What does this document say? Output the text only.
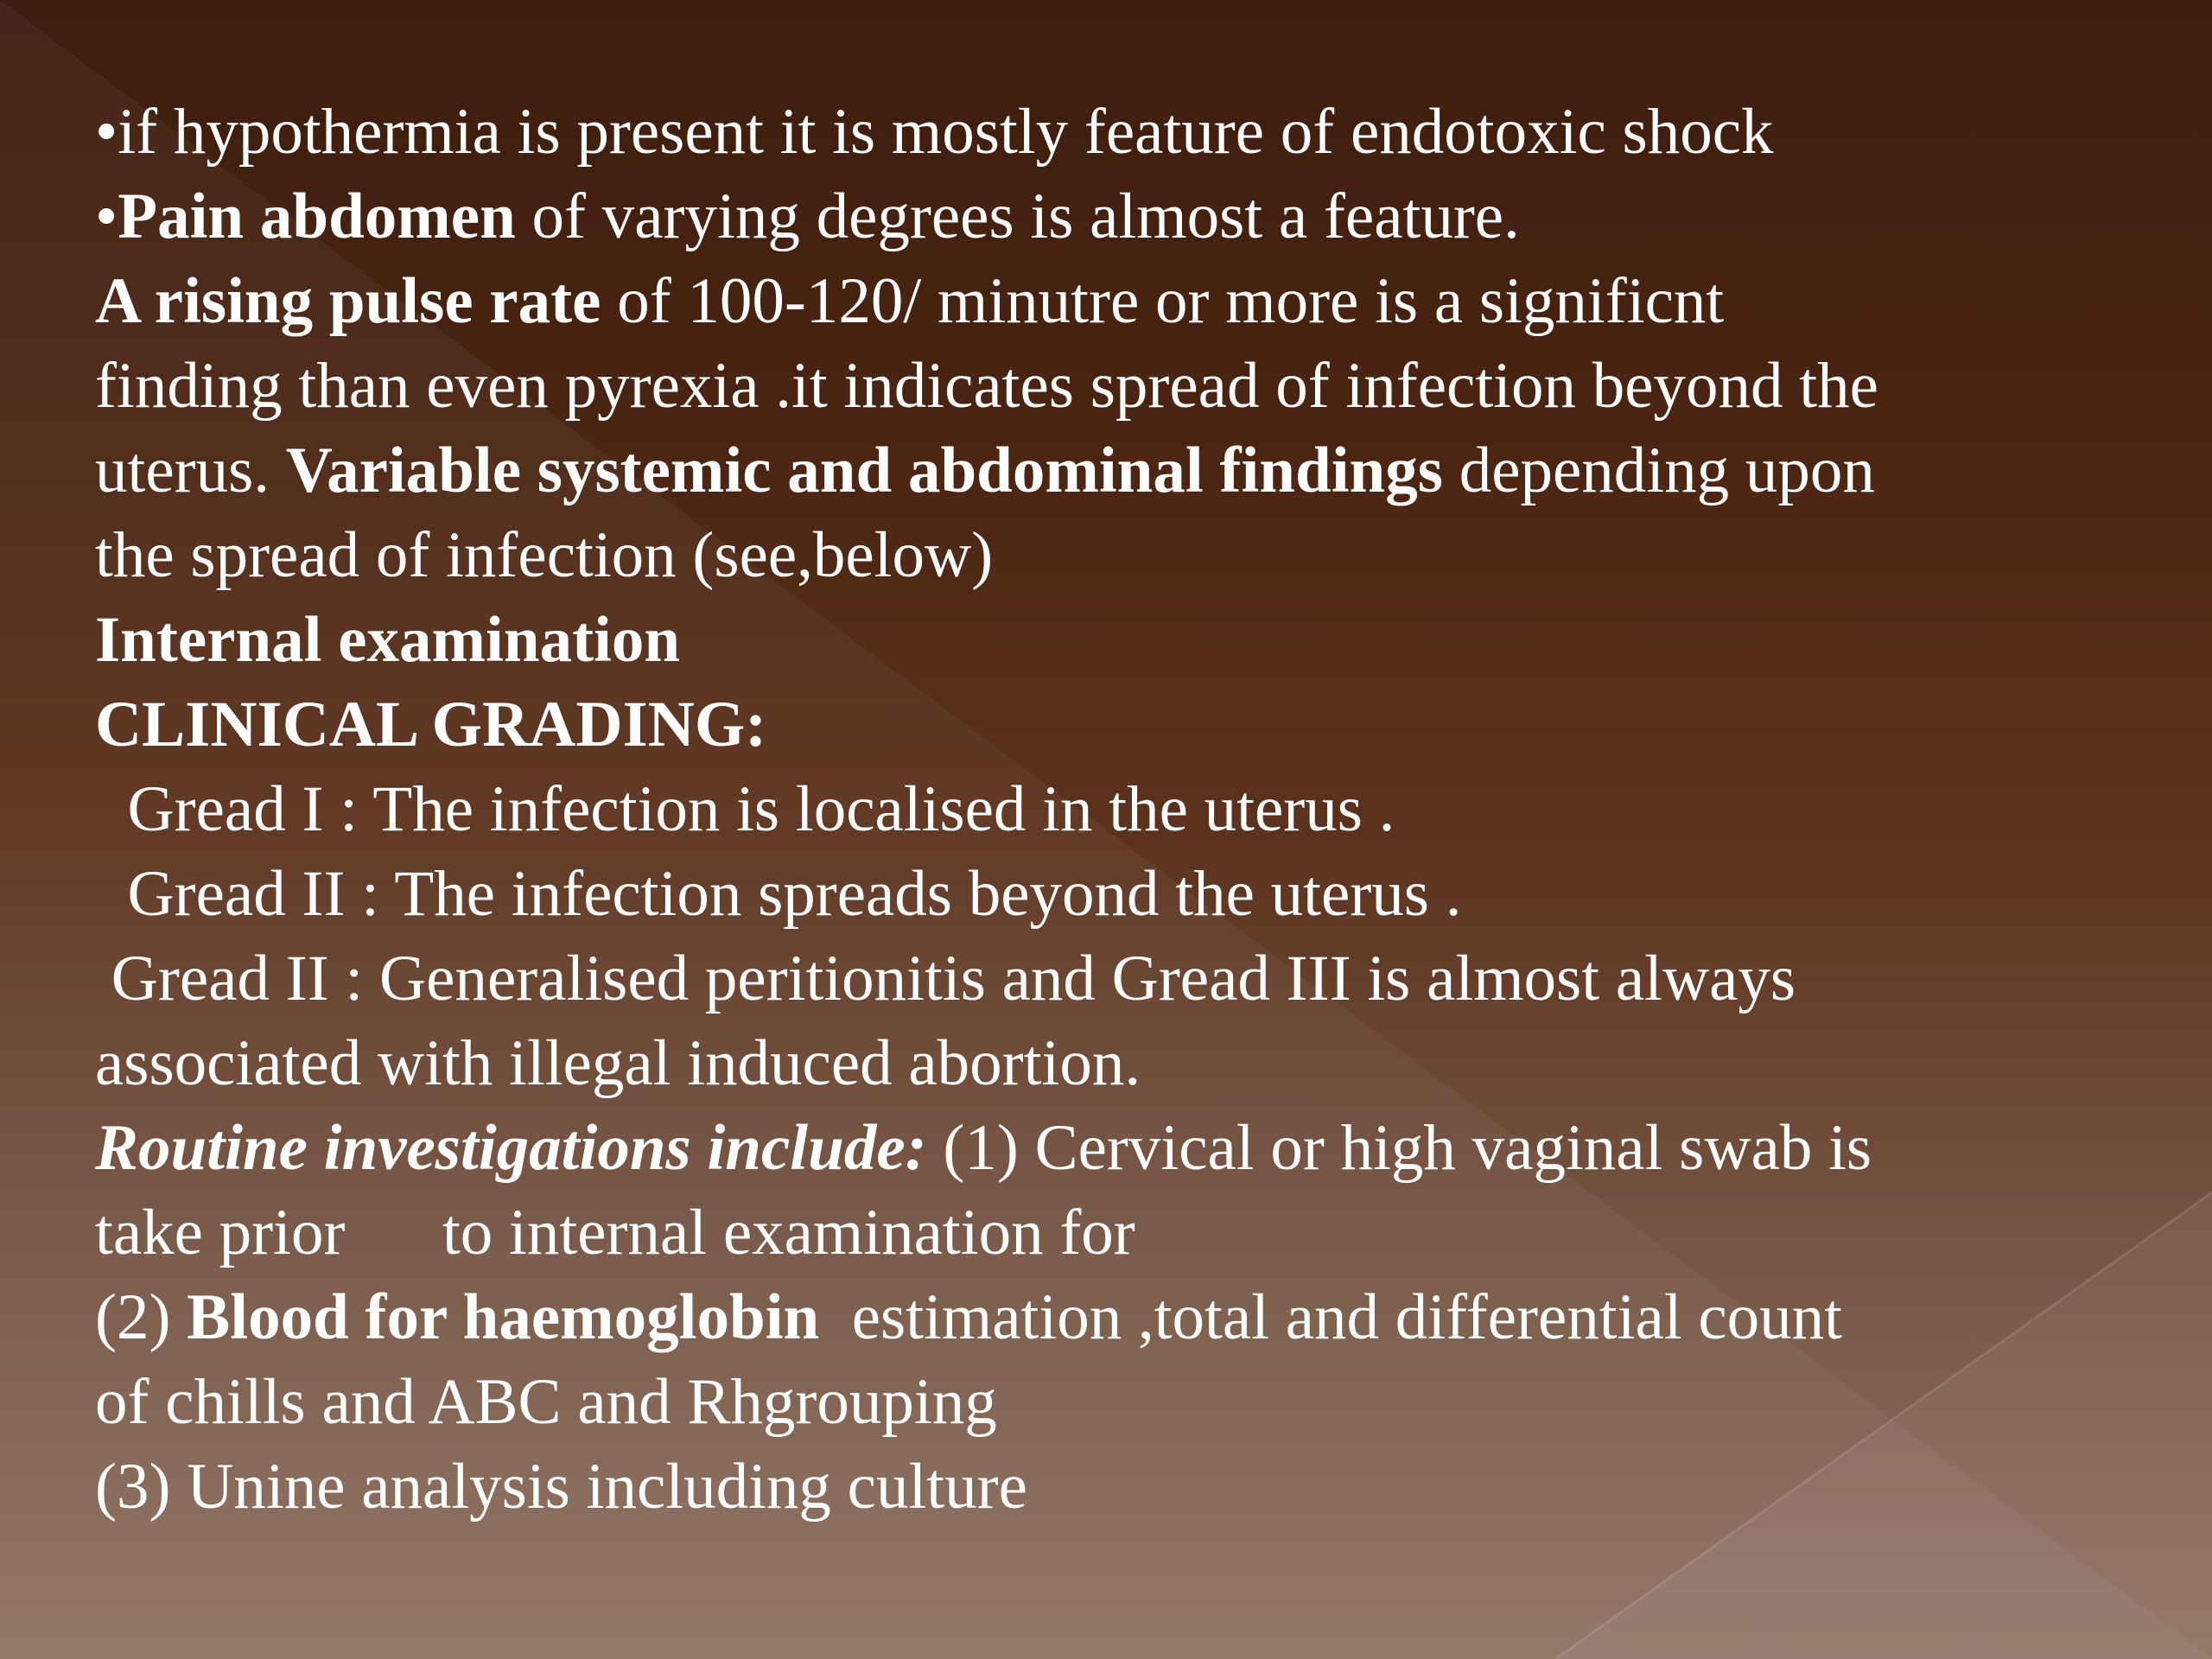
•if hypothermia is present it is mostly feature of endotoxic shock
•Pain abdomen of varying degrees is almost a feature.
A rising pulse rate of 100-120/ minutre or more is a significnt
finding than even pyrexia .it indicates spread of infection beyond the
uterus. Variable systemic and abdominal findings depending upon
the spread of infection (see,below)
Internal examination
CLINICAL GRADING:
Gread I : The infection is localised in the uterus .
Gread II : The infection spreads beyond the uterus .
Gread II : Generalised peritionitis and Gread III is almost always
associated with illegal induced abortion.
Routine investigations include: (1) Cervical or high vaginal swab is
take prior      to internal examination for
(2) Blood for haemoglobin  estimation ,total and differential count
of chills and ABC and Rhgrouping
(3) Unine analysis including culture
